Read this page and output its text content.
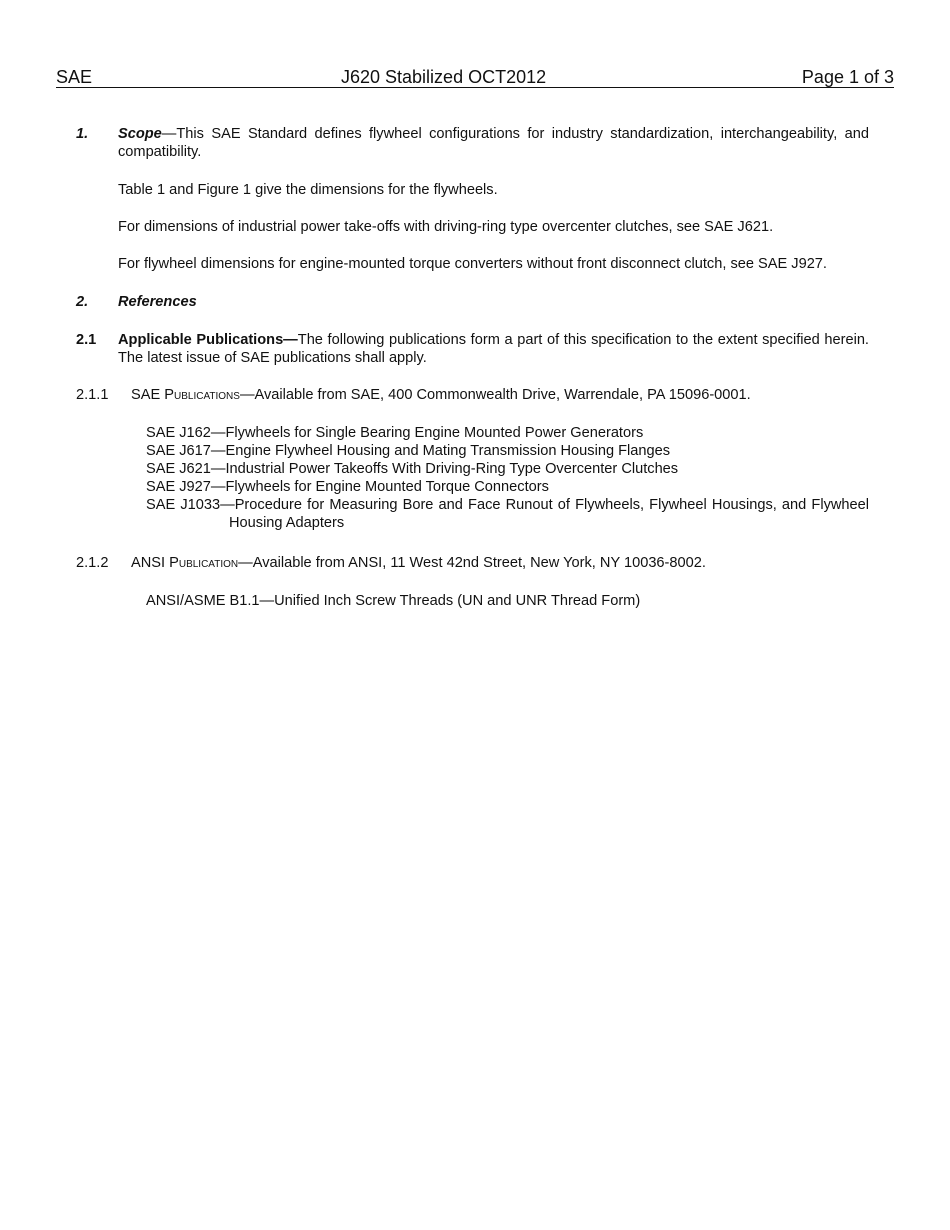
SAE	J620 Stabilized OCT2012	Page 1 of 3
1. Scope—This SAE Standard defines flywheel configurations for industry standardization, interchangeability, and compatibility.
Table 1 and Figure 1 give the dimensions for the flywheels.
For dimensions of industrial power take-offs with driving-ring type overcenter clutches, see SAE J621.
For flywheel dimensions for engine-mounted torque converters without front disconnect clutch, see SAE J927.
2. References
2.1 Applicable Publications—The following publications form a part of this specification to the extent specified herein. The latest issue of SAE publications shall apply.
2.1.1 SAE Publications—Available from SAE, 400 Commonwealth Drive, Warrendale, PA 15096-0001.
SAE J162—Flywheels for Single Bearing Engine Mounted Power Generators
SAE J617—Engine Flywheel Housing and Mating Transmission Housing Flanges
SAE J621—Industrial Power Takeoffs With Driving-Ring Type Overcenter Clutches
SAE J927—Flywheels for Engine Mounted Torque Connectors
SAE J1033—Procedure for Measuring Bore and Face Runout of Flywheels, Flywheel Housings, and Flywheel Housing Adapters
2.1.2 ANSI Publication—Available from ANSI, 11 West 42nd Street, New York, NY 10036-8002.
ANSI/ASME B1.1—Unified Inch Screw Threads (UN and UNR Thread Form)
